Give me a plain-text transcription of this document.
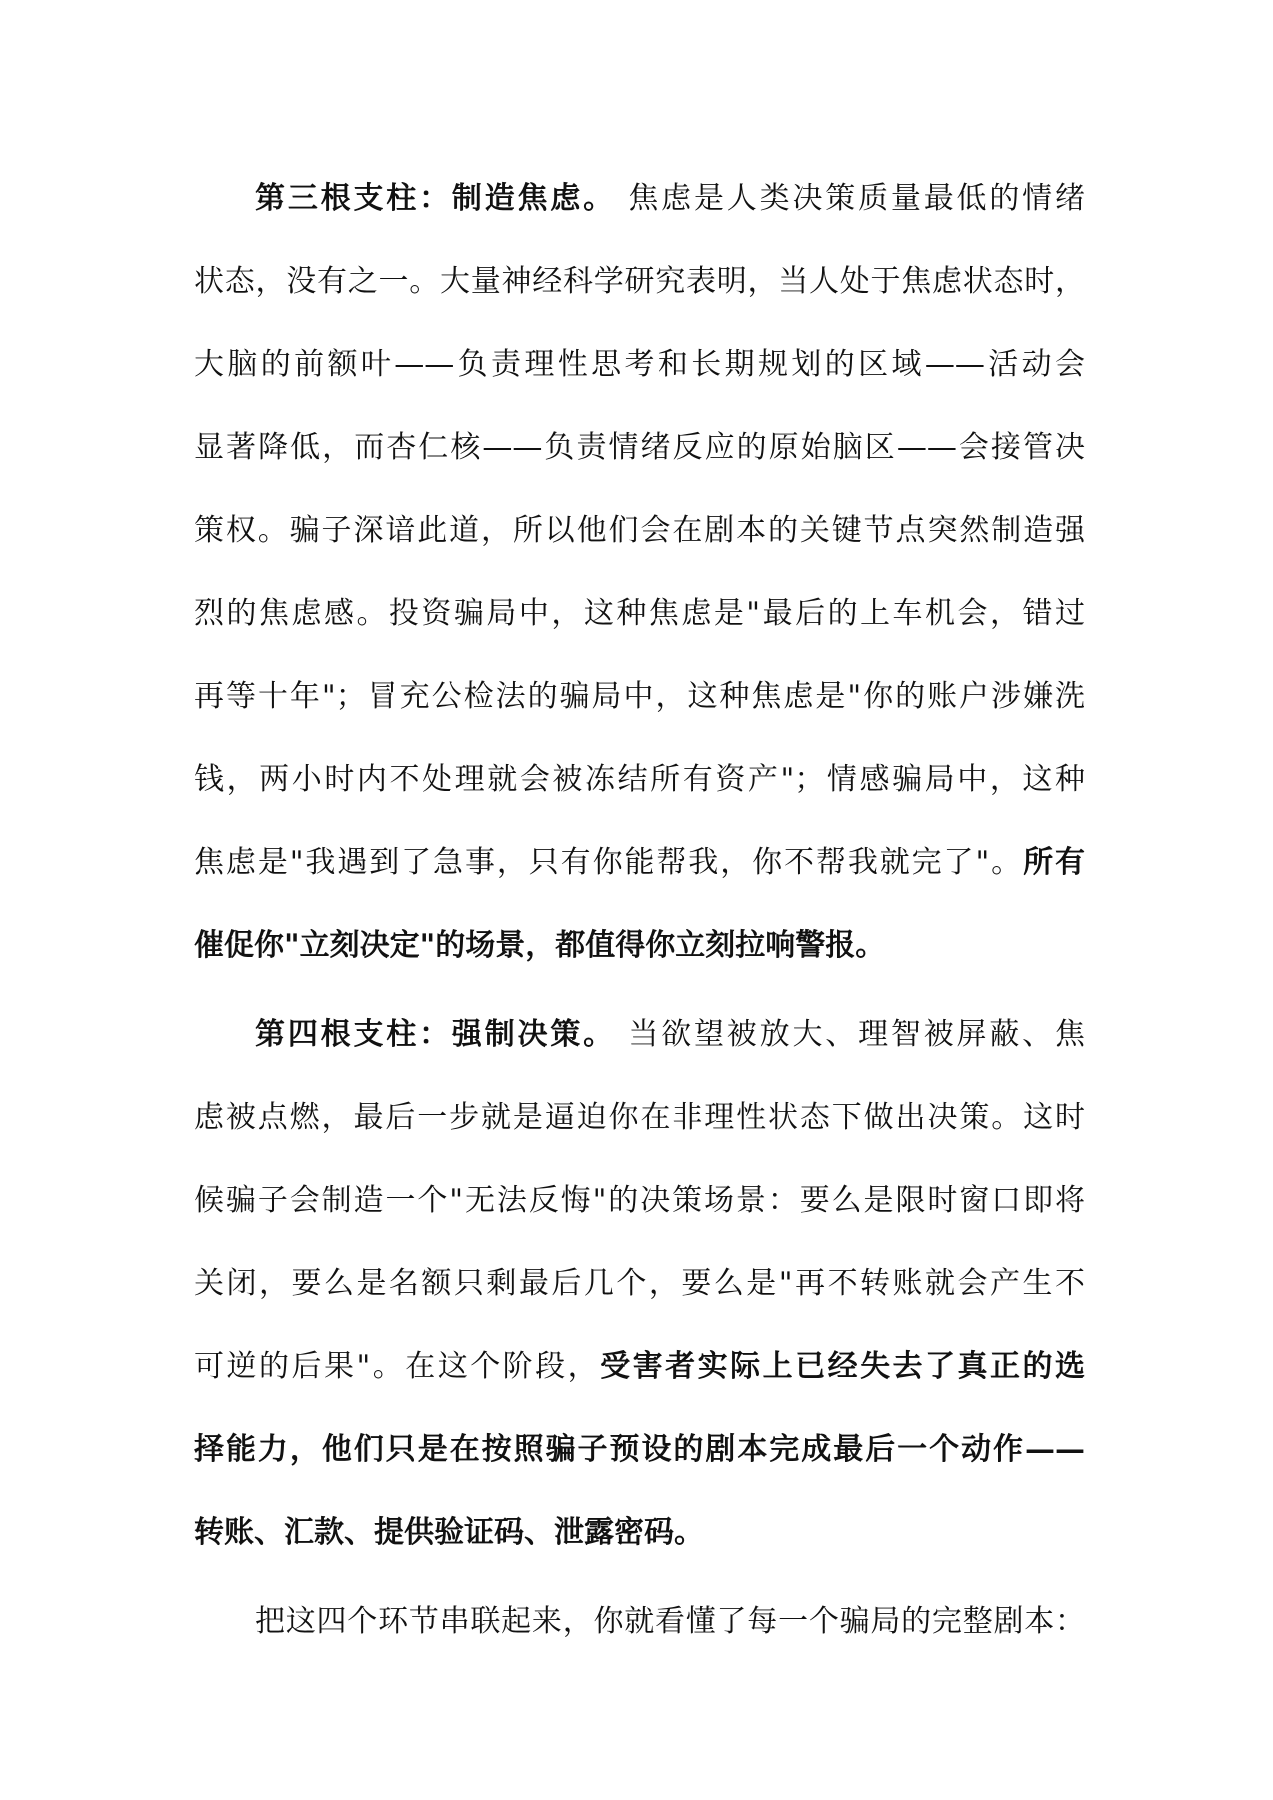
第三根支柱：制造焦虑。 焦虑是人类决策质量最低的情绪
状态，没有之一。大量神经科学研究表明，当人处于焦虑状态时，
大脑的前额叶——负责理性思考和长期规划的区域——活动会
显著降低，而杏仁核——负责情绪反应的原始脑区——会接管决
策权。骗子深谙此道，所以他们会在剧本的关键节点突然制造强
烈的焦虑感。投资骗局中，这种焦虑是"最后的上车机会，错过
再等十年"；冒充公检法的骗局中，这种焦虑是"你的账户涉嫌洗
钱，两小时内不处理就会被冻结所有资产"；情感骗局中，这种
焦虑是"我遇到了急事，只有你能帮我，你不帮我就完了"。所有
催促你"立刻决定"的场景，都值得你立刻拉响警报。
第四根支柱：强制决策。 当欲望被放大、理智被屏蔽、焦
虑被点燃，最后一步就是逼迫你在非理性状态下做出决策。这时
候骗子会制造一个"无法反悔"的决策场景：要么是限时窗口即将
关闭，要么是名额只剩最后几个，要么是"再不转账就会产生不
可逆的后果"。在这个阶段，受害者实际上已经失去了真正的选
择能力，他们只是在按照骗子预设的剧本完成最后一个动作——
转账、汇款、提供验证码、泄露密码。
把这四个环节串联起来，你就看懂了每一个骗局的完整剧本：
